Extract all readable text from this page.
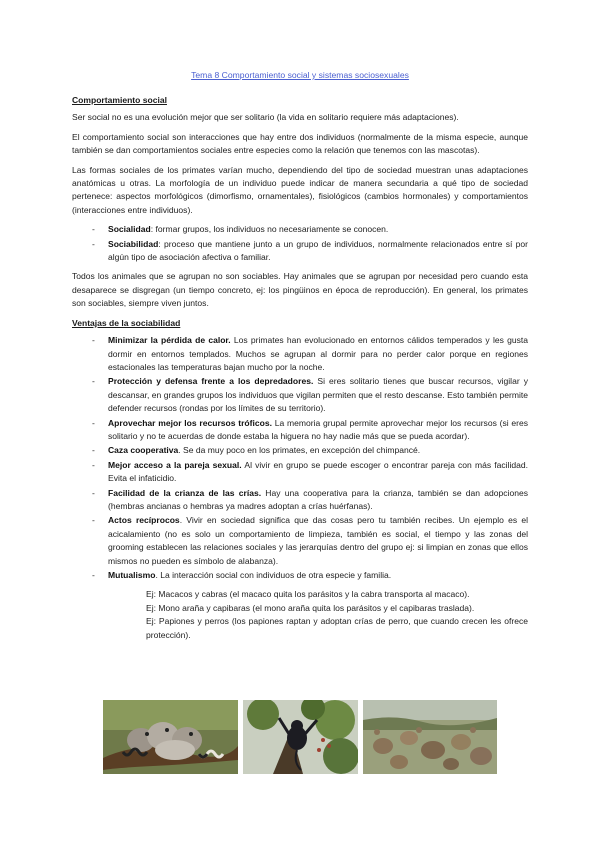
Tema 8 Comportamiento social y sistemas sociosexuales
Comportamiento social

Ser social no es una evolución mejor que ser solitario (la vida en solitario requiere más adaptaciones).

El comportamiento social son interacciones que hay entre dos individuos (normalmente de la misma especie, aunque también se dan comportamientos sociales entre especies como la relación que tenemos con las mascotas).

Las formas sociales de los primates varían mucho, dependiendo del tipo de sociedad muestran unas adaptaciones anatómicas u otras. La morfología de un individuo puede indicar de manera secundaria a qué tipo de sociedad pertenece: aspectos morfológicos (dimorfismo, ornamentales), fisiológicos (cambios hormonales) y comportamientos (interacciones entre individuos).

- Socialidad: formar grupos, los individuos no necesariamente se conocen.
- Sociabilidad: proceso que mantiene junto a un grupo de individuos, normalmente relacionados entre sí por algún tipo de asociación afectiva o familiar.

Todos los animales que se agrupan no son sociables. Hay animales que se agrupan por necesidad pero cuando esta desaparece se disgregan (un tiempo concreto, ej: los pingüinos en época de reproducción). En general, los primates son sociables, siempre viven juntos.

Ventajas de la sociabilidad
- Minimizar la pérdida de calor. Los primates han evolucionado en entornos cálidos temperados y les gusta dormir en entornos templados. Muchos se agrupan al dormir para no perder calor porque en regiones estacionales las temperaturas bajan mucho por la noche.
- Protección y defensa frente a los depredadores. Si eres solitario tienes que buscar recursos, vigilar y descansar, en grandes grupos los individuos que vigilan permiten que el resto descanse. Esto también permite defender recursos (rondas por los límites de su territorio).
- Aprovechar mejor los recursos tróficos. La memoria grupal permite aprovechar mejor los recursos (si eres solitario y no te acuerdas de donde estaba la higuera no hay nadie más que se pueda acordar).
- Caza cooperativa. Se da muy poco en los primates, en excepción del chimpancé.
- Mejor acceso a la pareja sexual. Al vivir en grupo se puede escoger o encontrar pareja con más facilidad. Evita el infaticidio.
- Facilidad de la crianza de las crías. Hay una cooperativa para la crianza, también se dan adopciones (hembras ancianas o hembras ya madres adoptan a crías huérfanas).
- Actos recíprocos. Vivir en sociedad significa que das cosas pero tu también recibes. Un ejemplo es el acicalamiento (no es solo un comportamiento de limpieza, también es social, el tiempo y las zonas del grooming establecen las relaciones sociales y las jerarquías dentro del grupo ej: si limpian en zonas que ellos mismos no pueden es símbolo de alabanza).
- Mutualismo. La interacción social con individuos de otra especie y familia.
Ej: Macacos y cabras (el macaco quita los parásitos y la cabra transporta al macaco).
Ej: Mono araña y capibaras (el mono araña quita los parásitos y el capibaras traslada).
Ej: Papiones y perros (los papiones raptan y adoptan crías de perro, que cuando crecen les ofrece protección).
